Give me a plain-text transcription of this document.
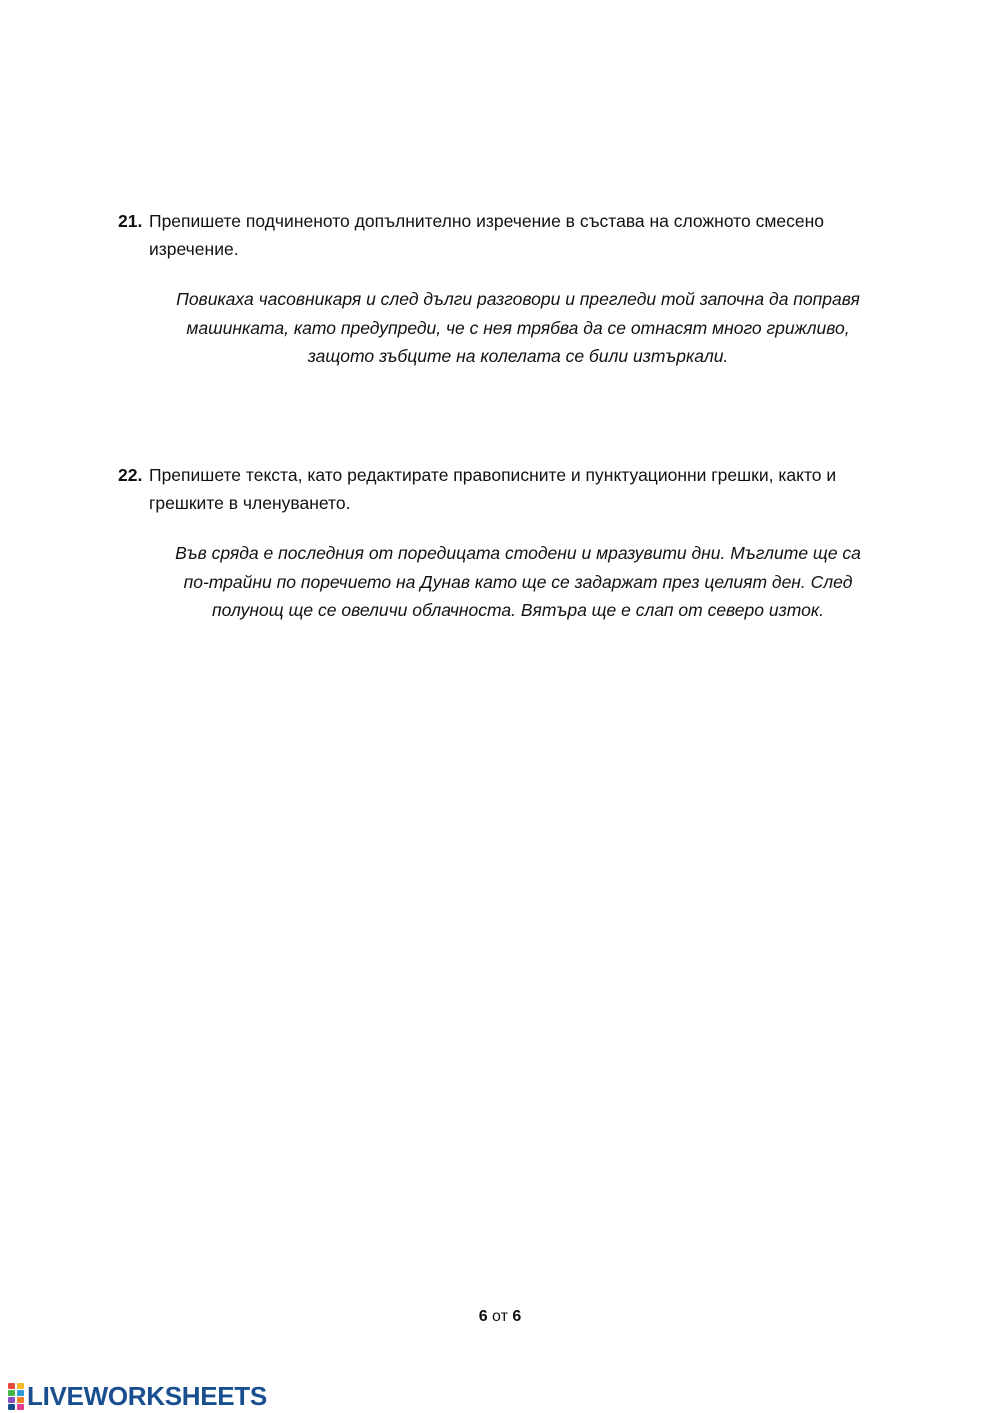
21. Препишете подчиненото допълнително изречение в състава на сложното смесено изречение.
Повикаха часовникаря и след дълги разговори и прегледи той започна да поправя
машинката, като предупреди, че с нея трябва да се отнасят много грижливо,
защото зъбците на колелата се били изтъркали.
22. Препишете текста, като редактирате правописните и пунктуационни грешки, както и грешките в членуването.
Във сряда е последния от поредицата стодени и мразувити дни. Мъглите ще са
по-трайни по поречието на Дунав като ще се задаржат през целият ден. След
полунощ ще се овеличи облачноста. Вятъра ще е слап от северо изток.
6 от 6
LIVEWORKSHEETS
